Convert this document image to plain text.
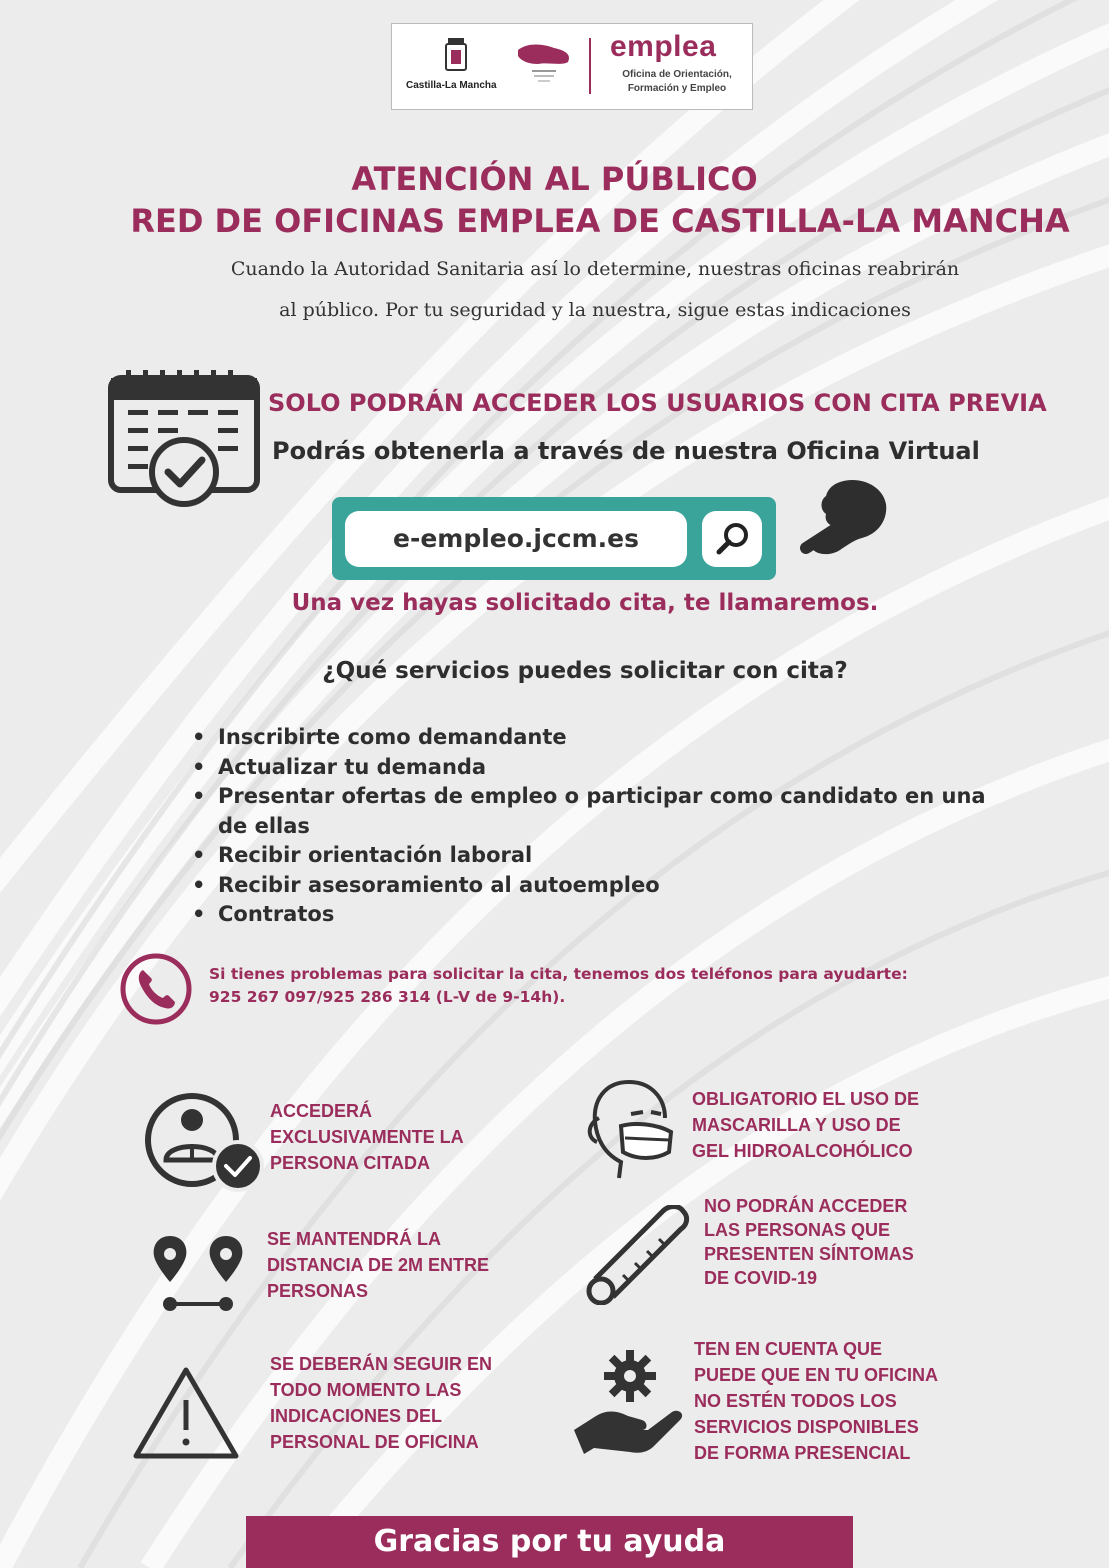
Castilla-La Mancha
emplea
Oficina de Orientación, Formación y Empleo
ATENCIÓN AL PÚBLICO
RED DE OFICINAS EMPLEA DE CASTILLA-LA MANCHA
Cuando la Autoridad Sanitaria así lo determine, nuestras oficinas reabrirán
al público. Por tu seguridad y la nuestra, sigue estas indicaciones
SOLO PODRÁN ACCEDER LOS USUARIOS CON CITA PREVIA
Podrás obtenerla a través de nuestra Oficina Virtual
e-empleo.jccm.es
Una vez hayas solicitado cita, te llamaremos.
¿Qué servicios puedes solicitar con cita?
• Inscribirte como demandante
• Actualizar tu demanda
• Presentar ofertas de empleo o participar como candidato en una de ellas
• Recibir orientación laboral
• Recibir asesoramiento al autoempleo
• Contratos
Si tienes problemas para solicitar la cita, tenemos dos teléfonos para ayudarte:
925 267 097/925 286 314 (L-V de 9-14h).
ACCEDERÁ
EXCLUSIVAMENTE LA
PERSONA CITADA
OBLIGATORIO EL USO DE
MASCARILLA Y USO DE
GEL HIDROALCOHÓLICO
SE MANTENDRÁ LA
DISTANCIA DE 2M ENTRE
PERSONAS
NO PODRÁN ACCEDER
LAS PERSONAS QUE
PRESENTEN SÍNTOMAS
DE COVID-19
SE DEBERÁN SEGUIR EN
TODO MOMENTO LAS
INDICACIONES DEL
PERSONAL DE OFICINA
TEN EN CUENTA QUE
PUEDE QUE EN TU OFICINA
NO ESTÉN TODOS LOS
SERVICIOS DISPONIBLES
DE FORMA PRESENCIAL
Gracias por tu ayuda
